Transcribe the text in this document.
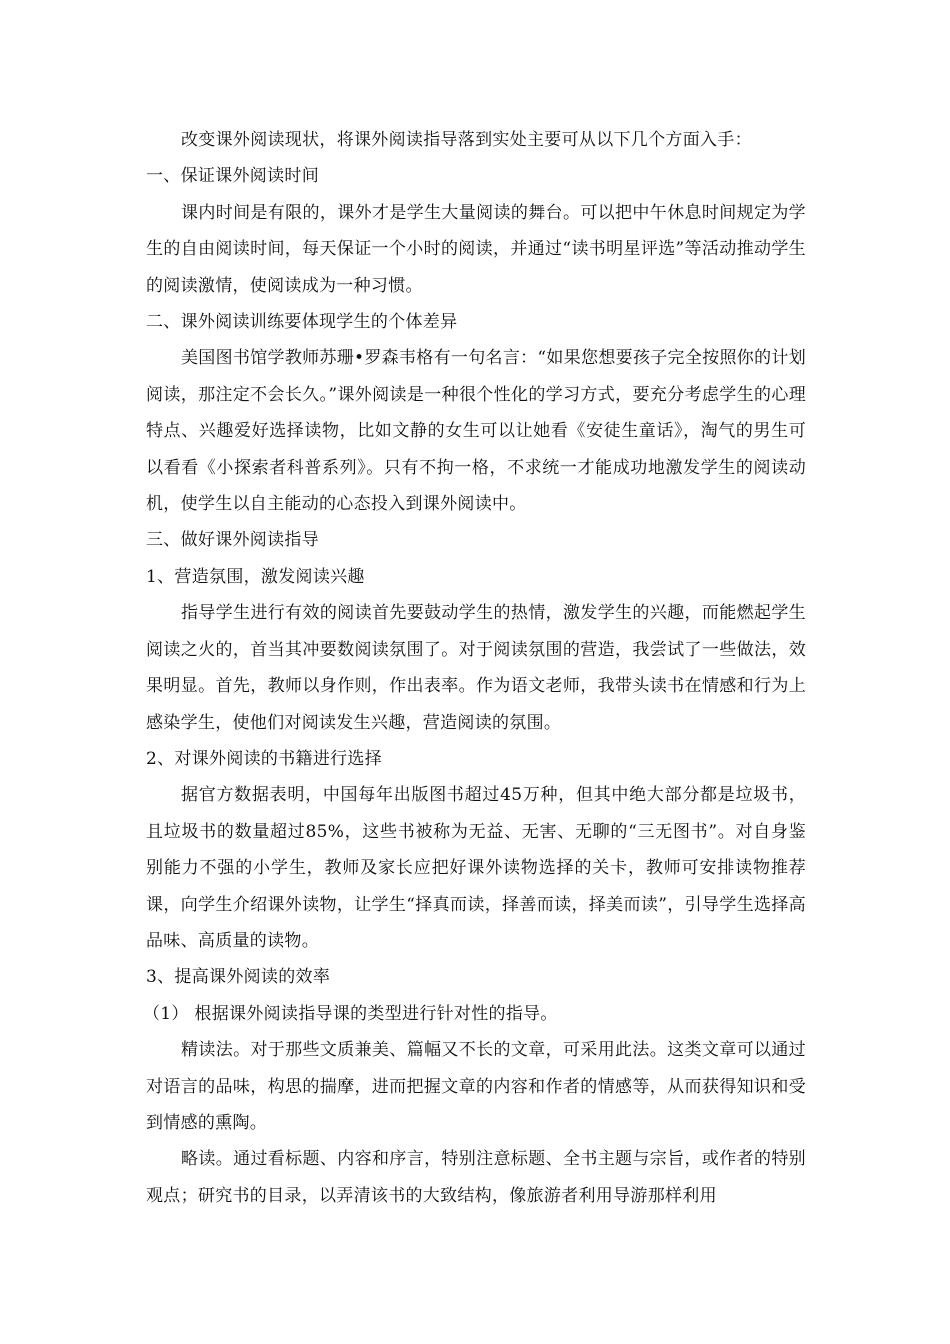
改变课外阅读现状，将课外阅读指导落到实处主要可从以下几个方面入手：

一、保证课外阅读时间

课内时间是有限的，课外才是学生大量阅读的舞台。可以把中午休息时间规定为学生的自由阅读时间，每天保证一个小时的阅读，并通过“读书明星评选”等活动推动学生的阅读激情，使阅读成为一种习惯。

二、课外阅读训练要体现学生的个体差异

美国图书馆学教师苏珊•罗森韦格有一句名言：“如果您想要孩子完全按照你的计划阅读，那注定不会长久。”课外阅读是一种很个性化的学习方式，要充分考虑学生的心理特点、兴趣爱好选择读物，比如文静的女生可以让她看《安徒生童话》，淘气的男生可以看看《小探索者科普系列》。只有不拘一格，不求统一才能成功地激发学生的阅读动机，使学生以自主能动的心态投入到课外阅读中。

三、做好课外阅读指导

1、营造氛围，激发阅读兴趣

指导学生进行有效的阅读首先要鼓动学生的热情，激发学生的兴趣，而能燃起学生阅读之火的，首当其冲要数阅读氛围了。对于阅读氛围的营造，我尝试了一些做法，效果明显。首先，教师以身作则，作出表率。作为语文老师，我带头读书在情感和行为上感染学生，使他们对阅读发生兴趣，营造阅读的氛围。

2、对课外阅读的书籍进行选择

据官方数据表明，中国每年出版图书超过45万种，但其中绝大部分都是垃圾书，且垃圾书的数量超过85%，这些书被称为无益、无害、无聊的“三无图书”。对自身鉴别能力不强的小学生，教师及家长应把好课外读物选择的关卡，教师可安排读物推荐课，向学生介绍课外读物，让学生“择真而读，择善而读，择美而读”，引导学生选择高品味、高质量的读物。

3、提高课外阅读的效率

（1） 根据课外阅读指导课的类型进行针对性的指导。

精读法。对于那些文质兼美、篇幅又不长的文章，可采用此法。这类文章可以通过对语言的品味，构思的揣摩，进而把握文章的内容和作者的情感等，从而获得知识和受到情感的熏陶。

略读。通过看标题、内容和序言，特别注意标题、全书主题与宗旨，或作者的特别观点；研究书的目录，以弄清该书的大致结构，像旅游者利用导游那样利用
